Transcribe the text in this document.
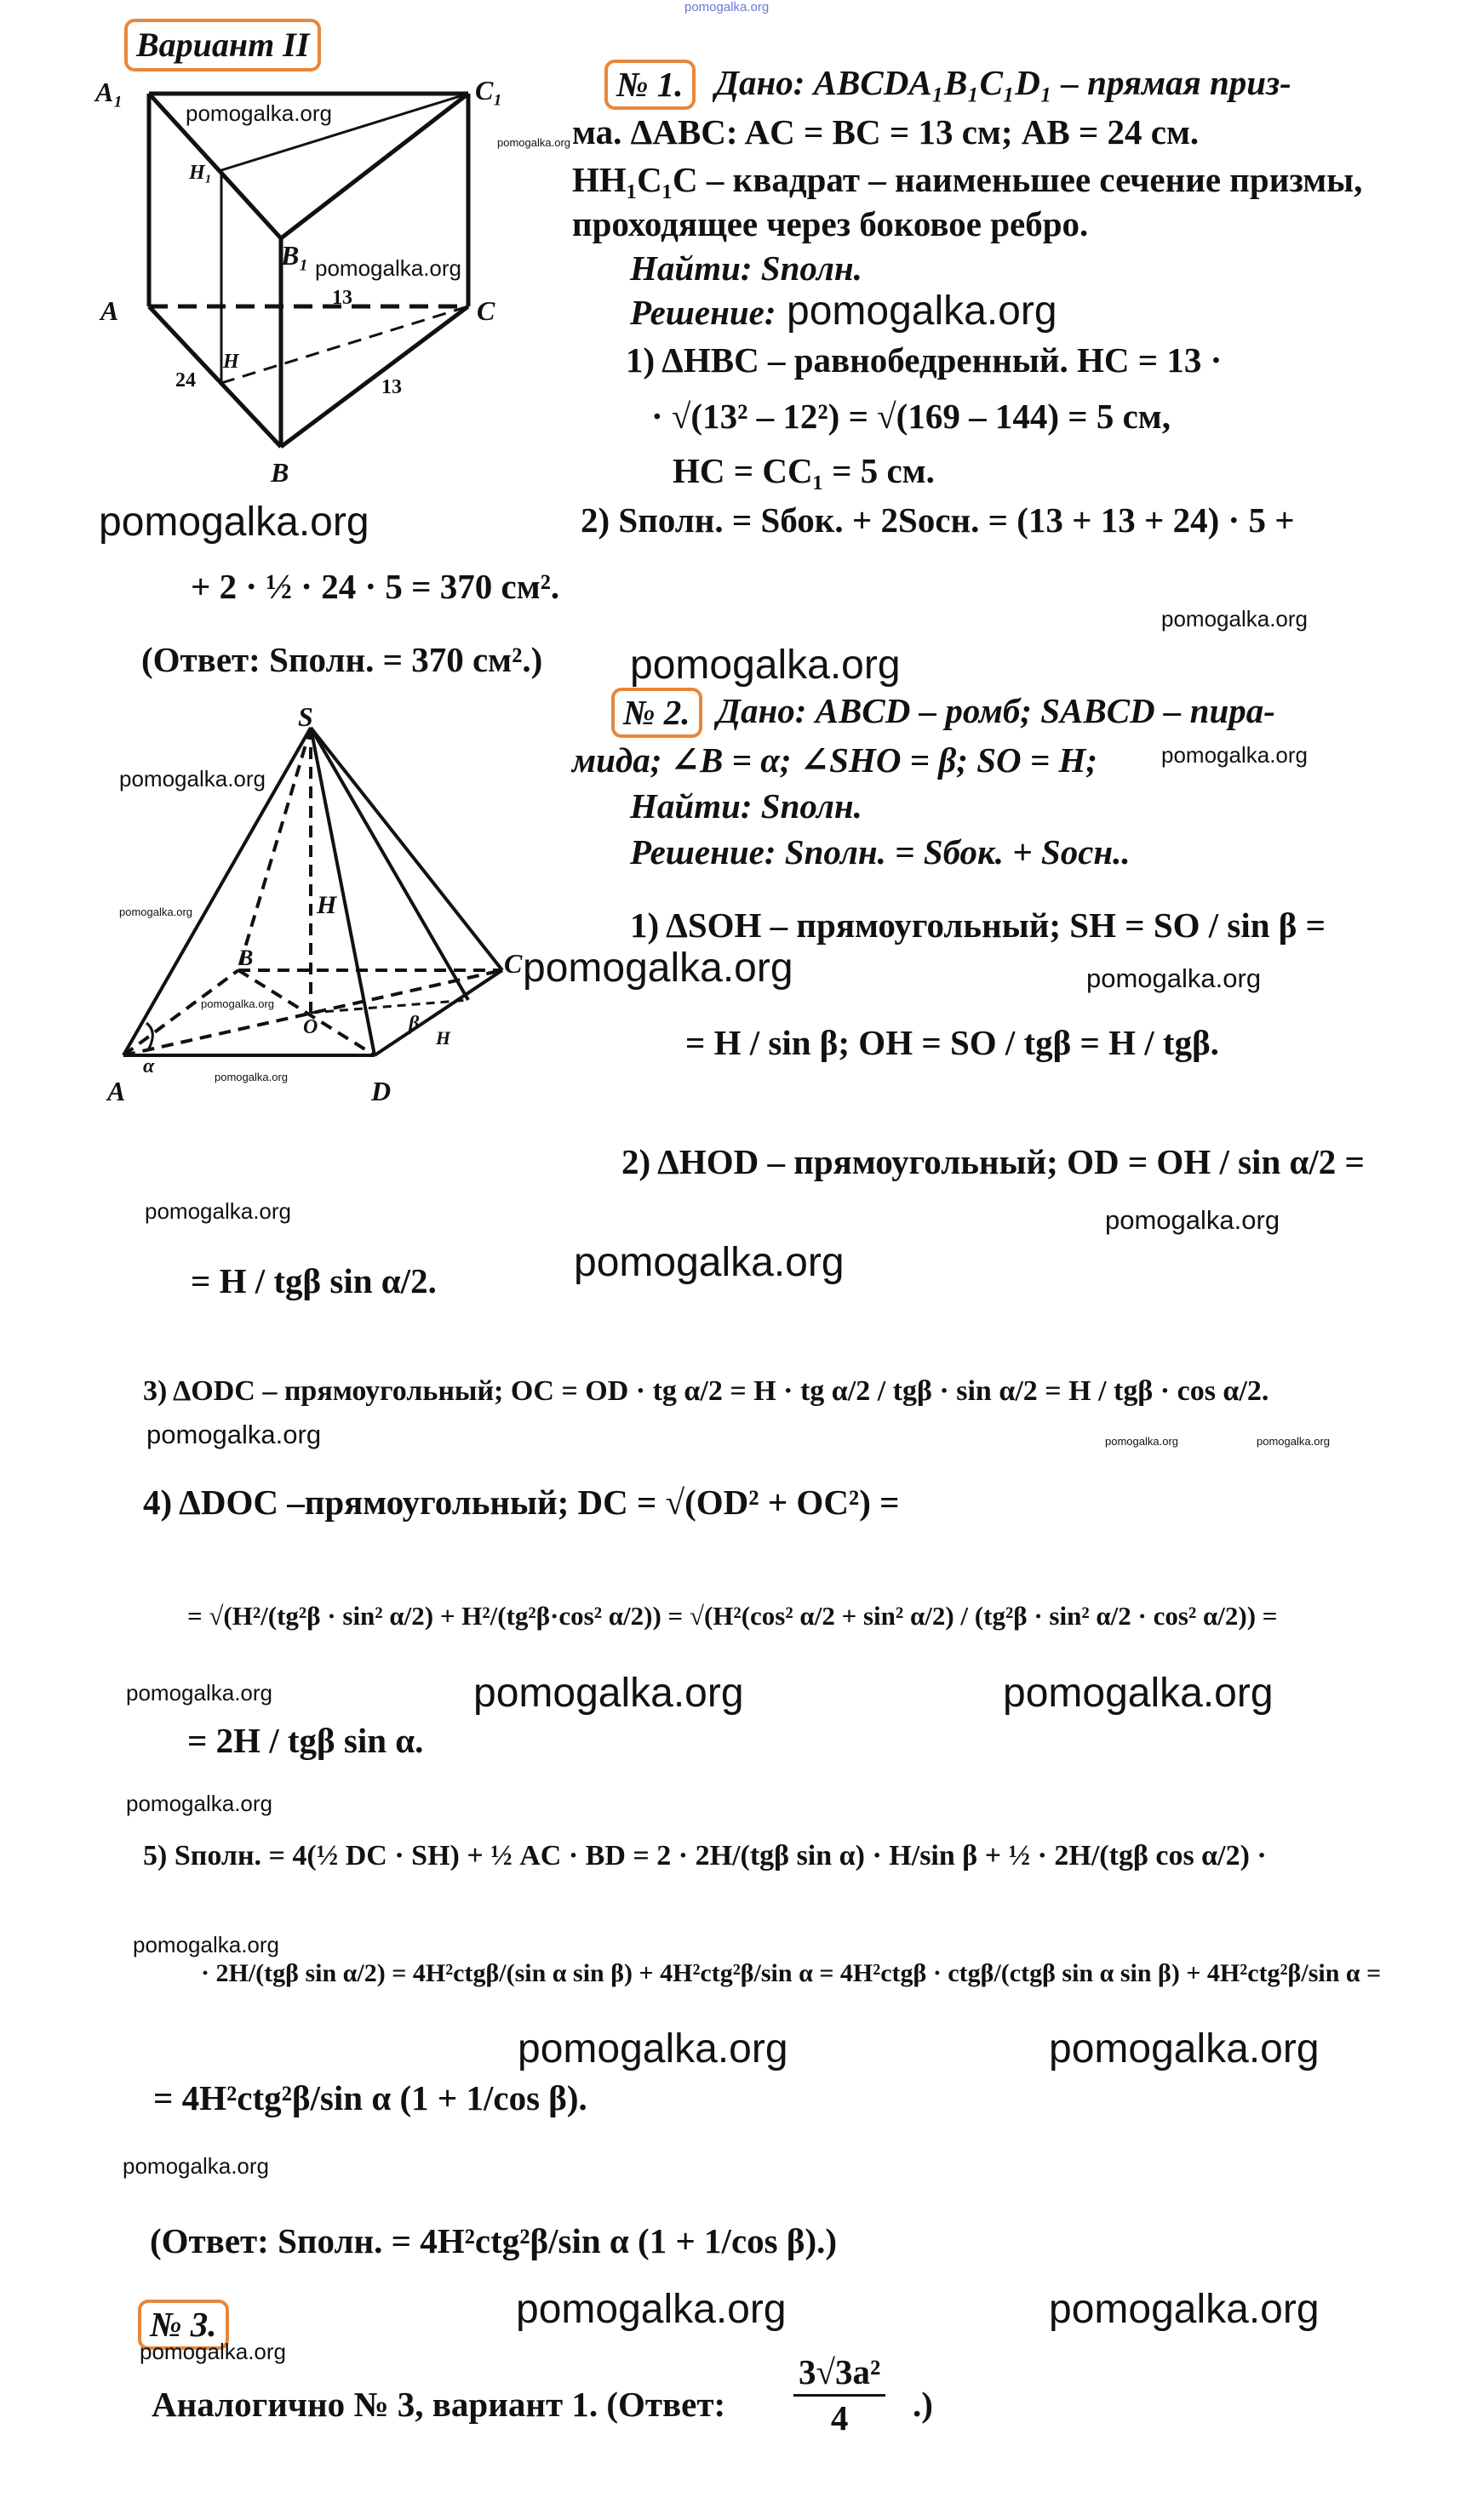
pomogalka.org
Вариант II
A₁	C₁
H₁
B₁
A	C
H
B
24	13
13
№ 1. Дано: ABCDA₁B₁C₁D₁ – прямая приз-
ма. ΔABC: AC = BC = 13 см; AB = 24 см.
HH₁C₁C – квадрат – наименьшее сечение призмы,
проходящее через боковое ребро.
Найти: Sполн.
Решение:
1) ΔHBC – равнобедренный. HC = 13 ·
· √(13² – 12²) = √(169 – 144) = 5 см,
HC = CC₁ = 5 см.
2) Sполн. = Sбок. + 2Sосн. = (13 + 13 + 24) · 5 +
+ 2 · ½ · 24 · 5 = 370 см².
(Ответ: Sполн. = 370 см².)
S
H
B	C
A	D
O
α
β
H
№ 2. Дано: ABCD – ромб; SABCD – пира-
мида; ∠B = α; ∠SHO = β; SO = H;
Найти: Sполн.
Решение: Sполн. = Sбок. + Sосн..
1) ΔSOH – прямоугольный; SH = SO / sin β =
= H / sin β; OH = SO / tgβ = H / tgβ.
2) ΔHOD – прямоугольный; OD = OH / sin α/2 =
= H / tgβ sin α/2.
3) ΔODC – прямоугольный; OC = OD · tg α/2 = H · tg α/2 / tgβ · sin α/2 = H / tgβ · cos α/2.
4) ΔDOC –прямоугольный; DC = √(OD² + OC²) =
= √(H²/(tg²β · sin² α/2) + H²/(tg²β·cos² α/2)) = √(H²(cos² α/2 + sin² α/2) / (tg²β · sin² α/2 · cos² α/2)) =
= 2H / tgβ sin α.
5) Sполн. = 4(½ DC · SH) + ½ AC · BD = 2 · 2H/(tgβ sin α) · H/sin β + ½ · 2H/(tgβ cos α/2) ·
· 2H/(tgβ sin α/2) = 4H²ctgβ/(sin α sin β) + 4H²ctg²β/sin α = 4H²ctgβ · ctgβ/(ctgβ sin α sin β) + 4H²ctg²β/sin α =
= 4H²ctg²β/sin α (1 + 1/cos β).
(Ответ: Sполн. = 4H²ctg²β/sin α (1 + 1/cos β).)
№ 3.
Аналогично № 3, вариант 1. (Ответ: $\frac{\text{3√3a²}}{4}$ .)
pomogalka.org
pomogalka.org
pomogalka.org
pomogalka.org
pomogalka.org
pomogalka.org
pomogalka.org
pomogalka.org
pomogalka.org
pomogalka.org
pomogalka.org	pomogalka.org
pomogalka.org
pomogalka.org
pomogalka.org	pomogalka.org
pomogalka.org
pomogalka.org	pomogalka.org	pomogalka.org
pomogalka.org	pomogalka.org	pomogalka.org
pomogalka.org
pomogalka.org
pomogalka.org	pomogalka.org
pomogalka.org
pomogalka.org	pomogalka.org
pomogalka.org
